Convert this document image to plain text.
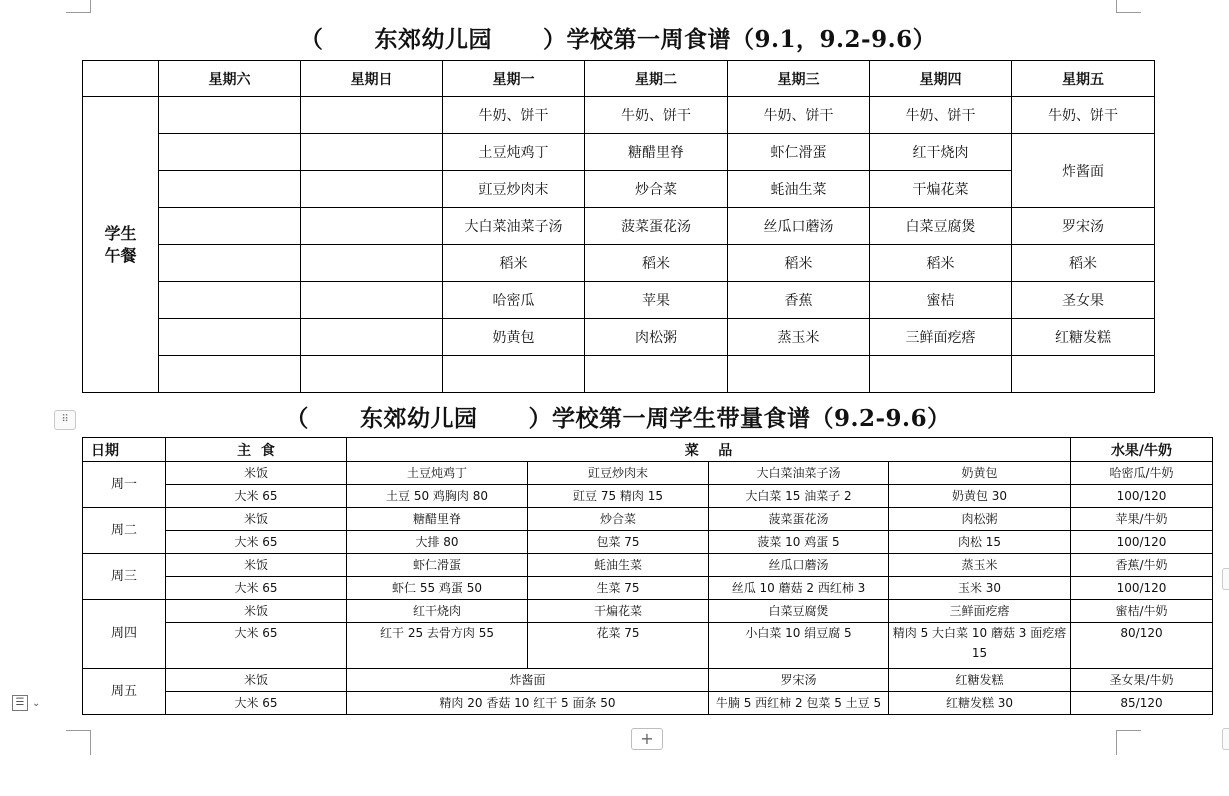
（      东郊幼儿园      ）学校第一周食谱（9.1，9.2-9.6）
	星期六	星期日	星期一	星期二	星期三	星期四	星期五
学生
午餐			牛奶、饼干	牛奶、饼干	牛奶、饼干	牛奶、饼干	牛奶、饼干
			土豆炖鸡丁	糖醋里脊	虾仁滑蛋	红干烧肉	炸酱面
			豇豆炒肉末	炒合菜	蚝油生菜	干煸花菜	
			大白菜油菜子汤	菠菜蛋花汤	丝瓜口蘑汤	白菜豆腐煲	罗宋汤
			稻米	稻米	稻米	稻米	稻米
			哈密瓜	苹果	香蕉	蜜桔	圣女果
			奶黄包	肉松粥	蒸玉米	三鲜面疙瘩	红糖发糕

⠿	（      东郊幼儿园      ）学校第一周学生带量食谱（9.2-9.6）
日期	主  食	菜    品				水果/牛奶
周一	米饭	土豆炖鸡丁	豇豆炒肉末	大白菜油菜子汤	奶黄包	哈密瓜/牛奶
	大米 65	土豆 50 鸡胸肉 80	豇豆 75 精肉 15	大白菜 15 油菜子 2	奶黄包 30	100/120
周二	米饭	糖醋里脊	炒合菜	菠菜蛋花汤	肉松粥	苹果/牛奶
	大米 65	大排 80	包菜 75	菠菜 10 鸡蛋 5	肉松 15	100/120
周三	米饭	虾仁滑蛋	蚝油生菜	丝瓜口蘑汤	蒸玉米	香蕉/牛奶
	大米 65	虾仁 55 鸡蛋 50	生菜 75	丝瓜 10 蘑菇 2 西红柿 3	玉米 30	100/120
周四	米饭	红干烧肉	干煸花菜	白菜豆腐煲	三鲜面疙瘩	蜜桔/牛奶
	大米 65	红干 25 去骨方肉 55	花菜 75	小白菜 10 绢豆腐 5	精肉 5 大白菜 10 蘑菇 3 面疙瘩 15	80/120
周五	米饭	炸酱面		罗宋汤	红糖发糕	圣女果/牛奶
	大米 65	精肉 20 香菇 10 红干 5 面条 50		牛腩 5 西红柿 2 包菜 5 土豆 5	红糖发糕 30	85/120
☰ ⌄
+
